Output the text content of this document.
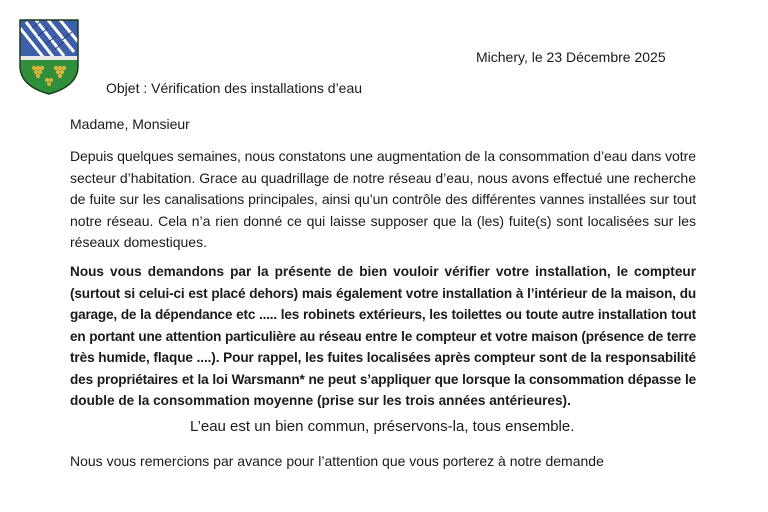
Michery, le 23 Décembre 2025
Objet : Vérification des installations d’eau
Madame, Monsieur
Depuis quelques semaines, nous constatons une augmentation de la consommation d’eau dans votre
secteur d’habitation. Grace au quadrillage de notre réseau d’eau, nous avons effectué une recherche
de fuite sur les canalisations principales, ainsi qu’un contrôle des différentes vannes installées sur tout
notre réseau. Cela n’a rien donné ce qui laisse supposer que la (les) fuite(s) sont localisées sur les
réseaux domestiques.
Nous vous demandons par la présente de bien vouloir vérifier votre installation, le compteur
(surtout si celui-ci est placé dehors) mais également votre installation à l’intérieur de la maison, du
garage, de la dépendance etc ..... les robinets extérieurs, les toilettes ou toute autre installation tout
en portant une attention particulière au réseau entre le compteur et votre maison (présence de terre
très humide, flaque ....). Pour rappel, les fuites localisées après compteur sont de la responsabilité
des propriétaires et la loi Warsmann* ne peut s’appliquer que lorsque la consommation dépasse le
double de la consommation moyenne (prise sur les trois années antérieures).
L’eau est un bien commun, préservons-la, tous ensemble.
Nous vous remercions par avance pour l’attention que vous porterez à notre demande
